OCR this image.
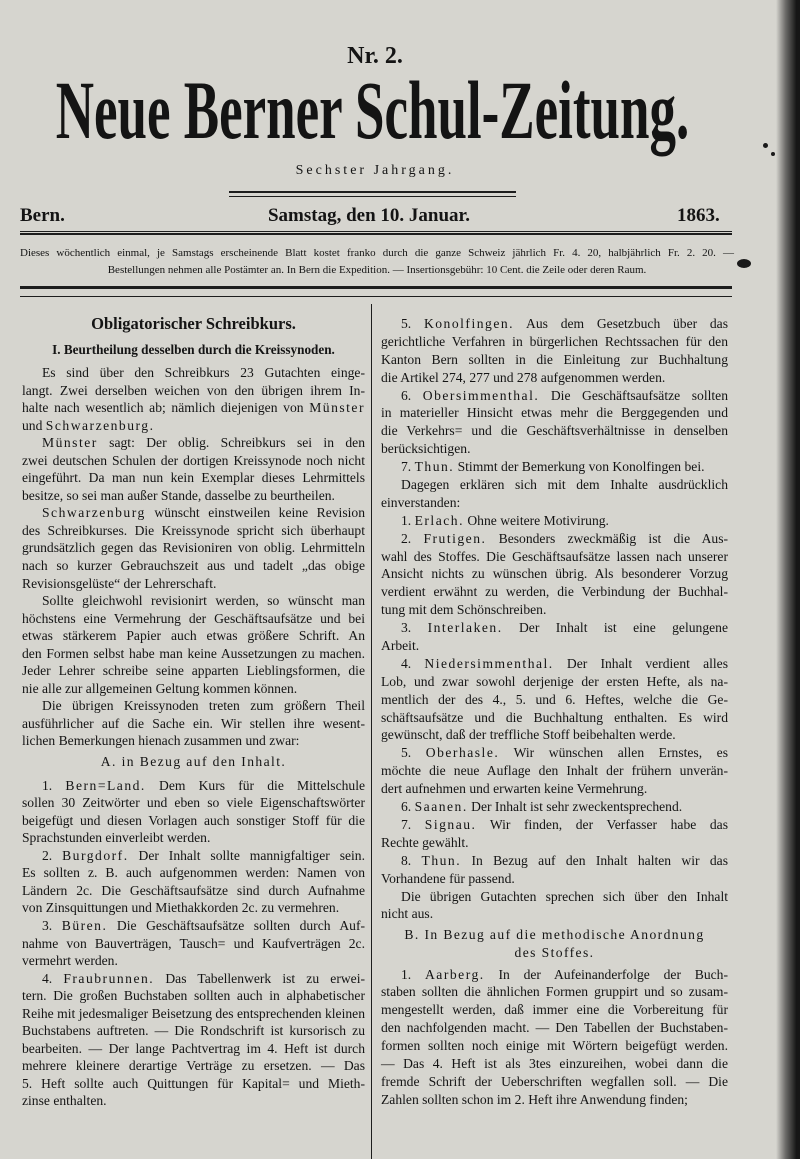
Nr. 2.
Neue Berner Schul-Zeitung.
Sechster Jahrgang.
Bern.	Samstag, den 10. Januar.	1863.
Dieses wöchentlich einmal, je Samstags erscheinende Blatt kostet franko durch die ganze Schweiz jährlich Fr. 4. 20, halbjährlich Fr. 2. 20. —
Bestellungen nehmen alle Postämter an. In Bern die Expedition. — Insertionsgebühr: 10 Cent. die Zeile oder deren Raum.
Obligatorischer Schreibkurs.
I. Beurtheilung desselben durch die Kreissynoden.
Es sind über den Schreibkurs 23 Gutachten einge-
langt. Zwei derselben weichen von den übrigen ihrem In-
halte nach wesentlich ab; nämlich diejenigen von Münster
und Schwarzenburg.
Münster sagt: Der oblig. Schreibkurs sei in den
zwei deutschen Schulen der dortigen Kreissynode noch nicht
eingeführt. Da man nun kein Exemplar dieses Lehrmittels
besitze, so sei man außer Stande, dasselbe zu beurtheilen.
Schwarzenburg wünscht einstweilen keine Revision
des Schreibkurses. Die Kreissynode spricht sich überhaupt
grundsätzlich gegen das Revisioniren von oblig. Lehrmitteln
nach so kurzer Gebrauchszeit aus und tadelt „das obige
Revisionsgelüste“ der Lehrerschaft.
Sollte gleichwohl revisionirt werden, so wünscht man
höchstens eine Vermehrung der Geschäftsaufsätze und bei
etwas stärkerem Papier auch etwas größere Schrift. An
den Formen selbst habe man keine Aussetzungen zu machen.
Jeder Lehrer schreibe seine apparten Lieblingsformen, die
nie alle zur allgemeinen Geltung kommen können.
Die übrigen Kreissynoden treten zum größern Theil
ausführlicher auf die Sache ein. Wir stellen ihre wesent-
lichen Bemerkungen hienach zusammen und zwar:
A. in Bezug auf den Inhalt.
1. Bern=Land. Dem Kurs für die Mittelschule
sollen 30 Zeitwörter und eben so viele Eigenschaftswörter
beigefügt und diesen Vorlagen auch sonstiger Stoff für die
Sprachstunden einverleibt werden.
2. Burgdorf. Der Inhalt sollte mannigfaltiger sein.
Es sollten z. B. auch aufgenommen werden: Namen von
Ländern 2c. Die Geschäftsaufsätze sind durch Aufnahme
von Zinsquittungen und Miethakkorden 2c. zu vermehren.
3. Büren. Die Geschäftsaufsätze sollten durch Auf-
nahme von Bauverträgen, Tausch= und Kaufverträgen 2c.
vermehrt werden.
4. Fraubrunnen. Das Tabellenwerk ist zu erwei-
tern. Die großen Buchstaben sollten auch in alphabetischer
Reihe mit jedesmaliger Beisetzung des entsprechenden kleinen
Buchstabens auftreten. — Die Rondschrift ist kursorisch zu
bearbeiten. — Der lange Pachtvertrag im 4. Heft ist durch
mehrere kleinere derartige Verträge zu ersetzen. — Das
5. Heft sollte auch Quittungen für Kapital= und Mieth-
zinse enthalten.
5. Konolfingen. Aus dem Gesetzbuch über das
gerichtliche Verfahren in bürgerlichen Rechtssachen für den
Kanton Bern sollten in die Einleitung zur Buchhaltung
die Artikel 274, 277 und 278 aufgenommen werden.
6. Obersimmenthal. Die Geschäftsaufsätze sollten
in materieller Hinsicht etwas mehr die Berggegenden und
die Verkehrs= und die Geschäftsverhältnisse in denselben
berücksichtigen.
7. Thun. Stimmt der Bemerkung von Konolfingen bei.
Dagegen erklären sich mit dem Inhalte ausdrücklich
einverstanden:
1. Erlach. Ohne weitere Motivirung.
2. Frutigen. Besonders zweckmäßig ist die Aus-
wahl des Stoffes. Die Geschäftsaufsätze lassen nach unserer
Ansicht nichts zu wünschen übrig. Als besonderer Vorzug
verdient erwähnt zu werden, die Verbindung der Buchhal-
tung mit dem Schönschreiben.
3. Interlaken. Der Inhalt ist eine gelungene
Arbeit.
4. Niedersimmenthal. Der Inhalt verdient alles
Lob, und zwar sowohl derjenige der ersten Hefte, als na-
mentlich der des 4., 5. und 6. Heftes, welche die Ge-
schäftsaufsätze und die Buchhaltung enthalten. Es wird
gewünscht, daß der treffliche Stoff beibehalten werde.
5. Oberhasle. Wir wünschen allen Ernstes, es
möchte die neue Auflage den Inhalt der frühern unverän-
dert aufnehmen und erwarten keine Vermehrung.
6. Saanen. Der Inhalt ist sehr zweckentsprechend.
7. Signau. Wir finden, der Verfasser habe das
Rechte gewählt.
8. Thun. In Bezug auf den Inhalt halten wir das
Vorhandene für passend.
Die übrigen Gutachten sprechen sich über den Inhalt
nicht aus.
B. In Bezug auf die methodische Anordnung
des Stoffes.
1. Aarberg. In der Aufeinanderfolge der Buch-
staben sollten die ähnlichen Formen gruppirt und so zusam-
mengestellt werden, daß immer eine die Vorbereitung für
den nachfolgenden macht. — Den Tabellen der Buchstaben-
formen sollten noch einige mit Wörtern beigefügt werden.
— Das 4. Heft ist als 3tes einzureihen, wobei dann die
fremde Schrift der Ueberschriften wegfallen soll. — Die
Zahlen sollten schon im 2. Heft ihre Anwendung finden;
